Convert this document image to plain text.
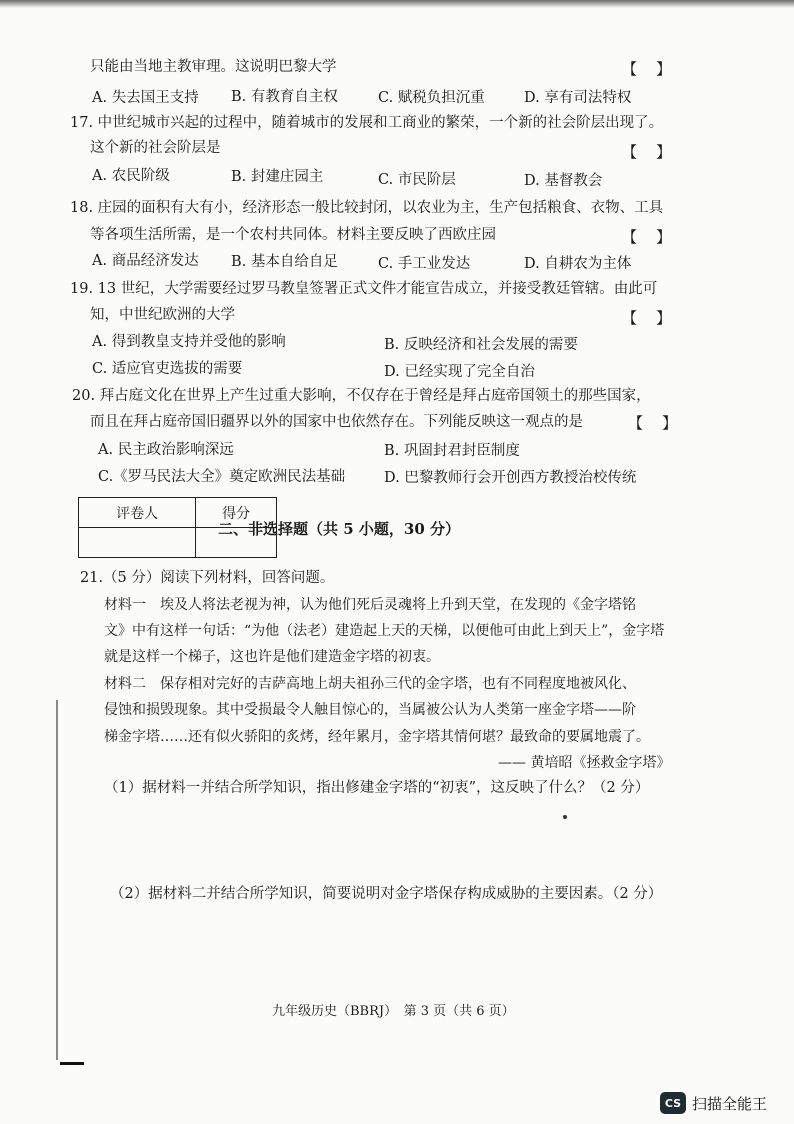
只能由当地主教审理。这说明巴黎大学	【    】
A. 失去国王支持 B. 有教育自主权	C. 赋税负担沉重	D. 享有司法特权
17. 中世纪城市兴起的过程中，随着城市的发展和工商业的繁荣，一个新的社会阶层出现了。
这个新的社会阶层是	【    】
A. 农民阶级	B. 封建庄园主	C. 市民阶层	D. 基督教会
18. 庄园的面积有大有小，经济形态一般比较封闭，以农业为主，生产包括粮食、衣物、工具
等各项生活所需，是一个农村共同体。材料主要反映了西欧庄园	【    】
A. 商品经济发达 B. 基本自给自足	C. 手工业发达	D. 自耕农为主体
19. 13 世纪，大学需要经过罗马教皇签署正式文件才能宣告成立，并接受教廷管辖。由此可
知，中世纪欧洲的大学	【    】
A. 得到教皇支持并受他的影响	B. 反映经济和社会发展的需要
C. 适应官吏选拔的需要	D. 已经实现了完全自治
20. 拜占庭文化在世界上产生过重大影响，不仅存在于曾经是拜占庭帝国领土的那些国家，
而且在拜占庭帝国旧疆界以外的国家中也依然存在。下列能反映这一观点的是	【    】
A. 民主政治影响深远	B. 巩固封君封臣制度
C.《罗马民法大全》奠定欧洲民法基础	D. 巴黎教师行会开创西方教授治校传统
评卷人	得分

二、非选择题（共 5 小题，30 分）
21.（5 分）阅读下列材料，回答问题。
材料一　埃及人将法老视为神，认为他们死后灵魂将上升到天堂，在发现的《金字塔铭
文》中有这样一句话：“为他（法老）建造起上天的天梯，以便他可由此上到天上”，金字塔
就是这样一个梯子，这也许是他们建造金字塔的初衷。
材料二　保存相对完好的吉萨高地上胡夫祖孙三代的金字塔，也有不同程度地被风化、
侵蚀和损毁现象。其中受损最令人触目惊心的，当属被公认为人类第一座金字塔——阶
梯金字塔……还有似火骄阳的炙烤，经年累月，金字塔其情何堪？最致命的要属地震了。
—— 黄培昭《拯救金字塔》
（1）据材料一并结合所学知识，指出修建金字塔的“初衷”，这反映了什么？（2 分）
（2）据材料二并结合所学知识，简要说明对金字塔保存构成威胁的主要因素。（2 分）
九年级历史（BBRJ）　第 3 页（共 6 页）
CS 扫描全能王
